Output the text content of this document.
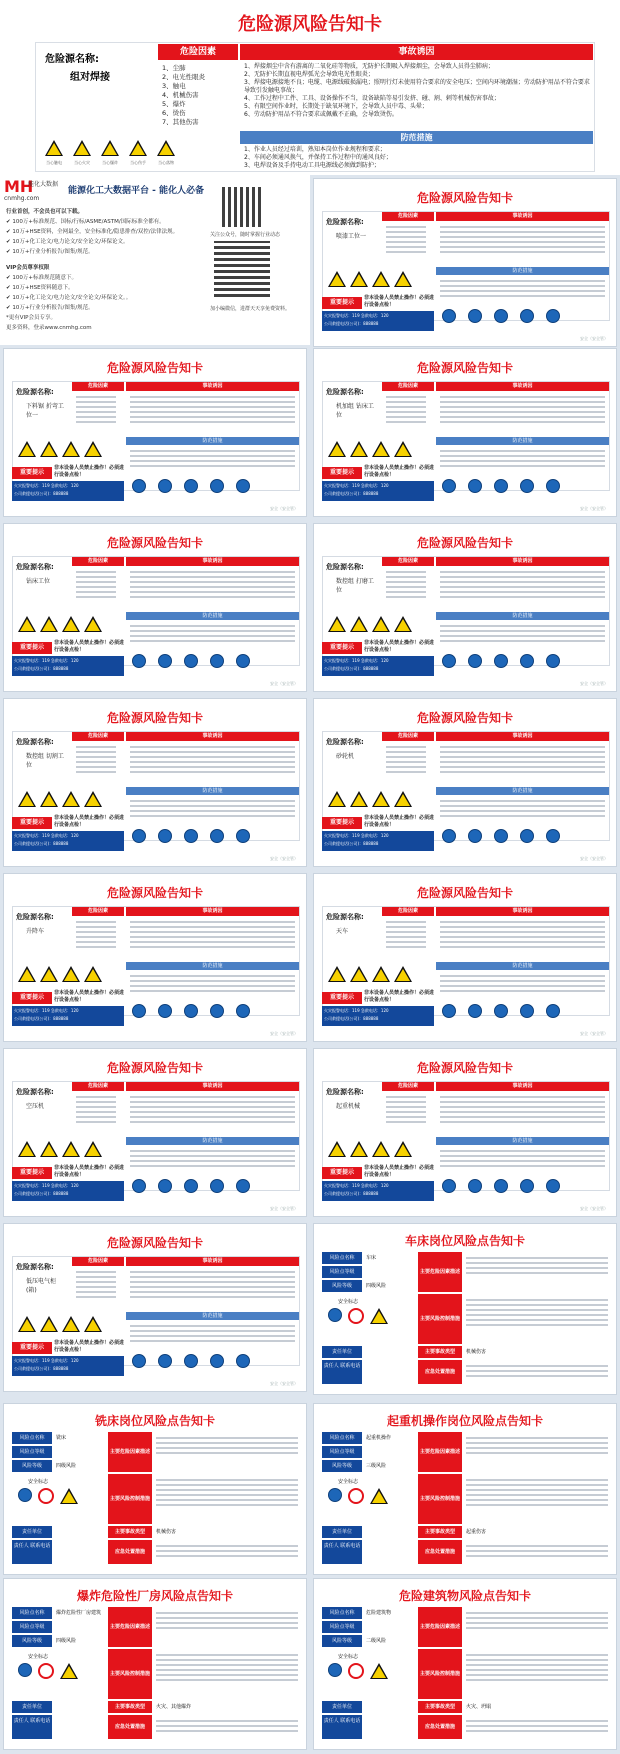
危险源风险告知卡
危险源名称:
组对焊接
危险因素	事故诱因
1、尘肺
2、电光性眼炎
3、触电
4、机械伤害
5、爆炸
6、烫伤
7、其他伤害
1、焊接烟尘中含有游离的二氧化硅等物质，无防护长期吸入焊接烟尘，会导致人员得尘肺病；
2、无防护长期直视电焊弧光会导致电光性眼炎；
3、焊接电源接地不良；电缆、电源线破损漏电；照明行灯未使用符合要求的安全电压；空间内环境潮湿；劳动防护用品不符合要求导致引发触电事故；
4、工作过程中工件、工具、设备操作不当，设备缺陷等易引发挤、碰、割、刺等机械伤害事故；
5、有限空间作业时，长期处于缺氧环境下，会导致人员中毒、头晕；
6、劳动防护用品不符合要求或佩戴不正确，会导致烫伤。
当心触电	当心火灾	当心爆炸	当心伤手	当心落物
防范措施
1、作业人员经过培训，熟知本岗位作业规程和要求；
2、车间必须通风换气，并保持工作过程中的通风良好；
3、电焊设备及手持电动工具电源线必须做到防护；
MH
能化大数据
cnmhg.com
能源化工大数据平台 - 能化人必备
行业首创，不会员也可以下载。
✔ 100万+标准规范、国标/行标/ASME/ASTM/国际标准全都有。
✔ 10万+HSE资料，全网最全，安全标准化/隐患排查/双控/法律法规。
✔ 10万+化工论文/电力论文/安全论文/环保论文。
✔ 10万+行业分析报告/图集/规范。
VIP会员尊享权限
✔ 100万+标准规范随意下。
✔ 10万+HSE资料随意下。
✔ 10万+化工论文/电力论文/安全论文/环保论文。。
✔ 10万+行业分析报告/图集/规范。
*更有VIP会员专享。
更多资料，登录www.cnmhg.com
关注公众号，随时掌握行业动态
加小编微信，进群天天享免费资料。
危险源风险告知卡
危险源名称:
喷漆工位一
危险因素	事故诱因
防范措施
重要提示
非本设备人员禁止操作！必须进行设备点检！
火灾报警电话：119 急救电话：120
公司救援电话(公司)：888888
安全（安全管）
危险源风险告知卡
危险源名称:
下料锯 折弯工位一
危险因素	事故诱因
防范措施
重要提示
非本设备人员禁止操作！必须进行设备点检！
火灾报警电话：119 急救电话：120
公司救援电话(公司)：888888
安全（安全管）
危险源风险告知卡
危险源名称:
机加组 钻床工位
危险因素	事故诱因
防范措施
重要提示
非本设备人员禁止操作！必须进行设备点检！
火灾报警电话：119 急救电话：120
公司救援电话(公司)：888888
安全（安全管）
危险源风险告知卡
危险源名称:
钻床工位
危险因素	事故诱因
防范措施
重要提示
非本设备人员禁止操作！必须进行设备点检！
火灾报警电话：119 急救电话：120
公司救援电话(公司)：888888
安全（安全管）
危险源风险告知卡
危险源名称:
数控组 打磨工位
危险因素	事故诱因
防范措施
重要提示
非本设备人员禁止操作！必须进行设备点检！
火灾报警电话：119 急救电话：120
公司救援电话(公司)：888888
安全（安全管）
危险源风险告知卡
危险源名称:
数控组 切割工位
危险因素	事故诱因
防范措施
重要提示
非本设备人员禁止操作！必须进行设备点检！
火灾报警电话：119 急救电话：120
公司救援电话(公司)：888888
安全（安全管）
危险源风险告知卡
危险源名称:
砂轮机
危险因素	事故诱因
防范措施
重要提示
非本设备人员禁止操作！必须进行设备点检！
火灾报警电话：119 急救电话：120
公司救援电话(公司)：888888
安全（安全管）
危险源风险告知卡
危险源名称:
升降车
危险因素	事故诱因
防范措施
重要提示
非本设备人员禁止操作！必须进行设备点检！
火灾报警电话：119 急救电话：120
公司救援电话(公司)：888888
安全（安全管）
危险源风险告知卡
危险源名称:
天车
危险因素	事故诱因
防范措施
重要提示
非本设备人员禁止操作！必须进行设备点检！
火灾报警电话：119 急救电话：120
公司救援电话(公司)：888888
安全（安全管）
危险源风险告知卡
危险源名称:
空压机
危险因素	事故诱因
防范措施
重要提示
非本设备人员禁止操作！必须进行设备点检！
火灾报警电话：119 急救电话：120
公司救援电话(公司)：888888
安全（安全管）
危险源风险告知卡
危险源名称:
起重机械
危险因素	事故诱因
防范措施
重要提示
非本设备人员禁止操作！必须进行设备点检！
火灾报警电话：119 急救电话：120
公司救援电话(公司)：888888
安全（安全管）
危险源风险告知卡
危险源名称:
低压电气柜(箱)
危险因素	事故诱因
防范措施
重要提示
非本设备人员禁止操作！必须进行设备点检！
火灾报警电话：119 急救电话：120
公司救援电话(公司)：888888
安全（安全管）
车床岗位风险点告知卡
风险点名称	车床
风险点等级
风险等级	四级风险
主要危险因素描述
安全标志
主要风险控制措施
责任单位	主要事故类型	机械伤害
责任人 联系电话
应急处置措施
铣床岗位风险点告知卡
风险点名称	铣床
风险点等级
风险等级	四级风险
主要危险因素描述
安全标志
主要风险控制措施
责任单位	主要事故类型	机械伤害
责任人 联系电话
应急处置措施
起重机操作岗位风险点告知卡
风险点名称	起重机操作
风险点等级
风险等级	三级风险
主要危险因素描述
安全标志
主要风险控制措施
责任单位	主要事故类型	起重伤害
责任人 联系电话
应急处置措施
爆炸危险性厂房风险点告知卡
风险点名称	爆炸危险性厂房建筑
风险点等级
风险等级	四级风险
主要危险因素描述
安全标志
主要风险控制措施
责任单位	主要事故类型	火灾、其他爆炸
责任人 联系电话
应急处置措施
危险建筑物风险点告知卡
风险点名称	危险建筑物
风险点等级
风险等级	二级风险
主要危险因素描述
安全标志
主要风险控制措施
责任单位	主要事故类型	火灾、坍塌
责任人 联系电话
应急处置措施
